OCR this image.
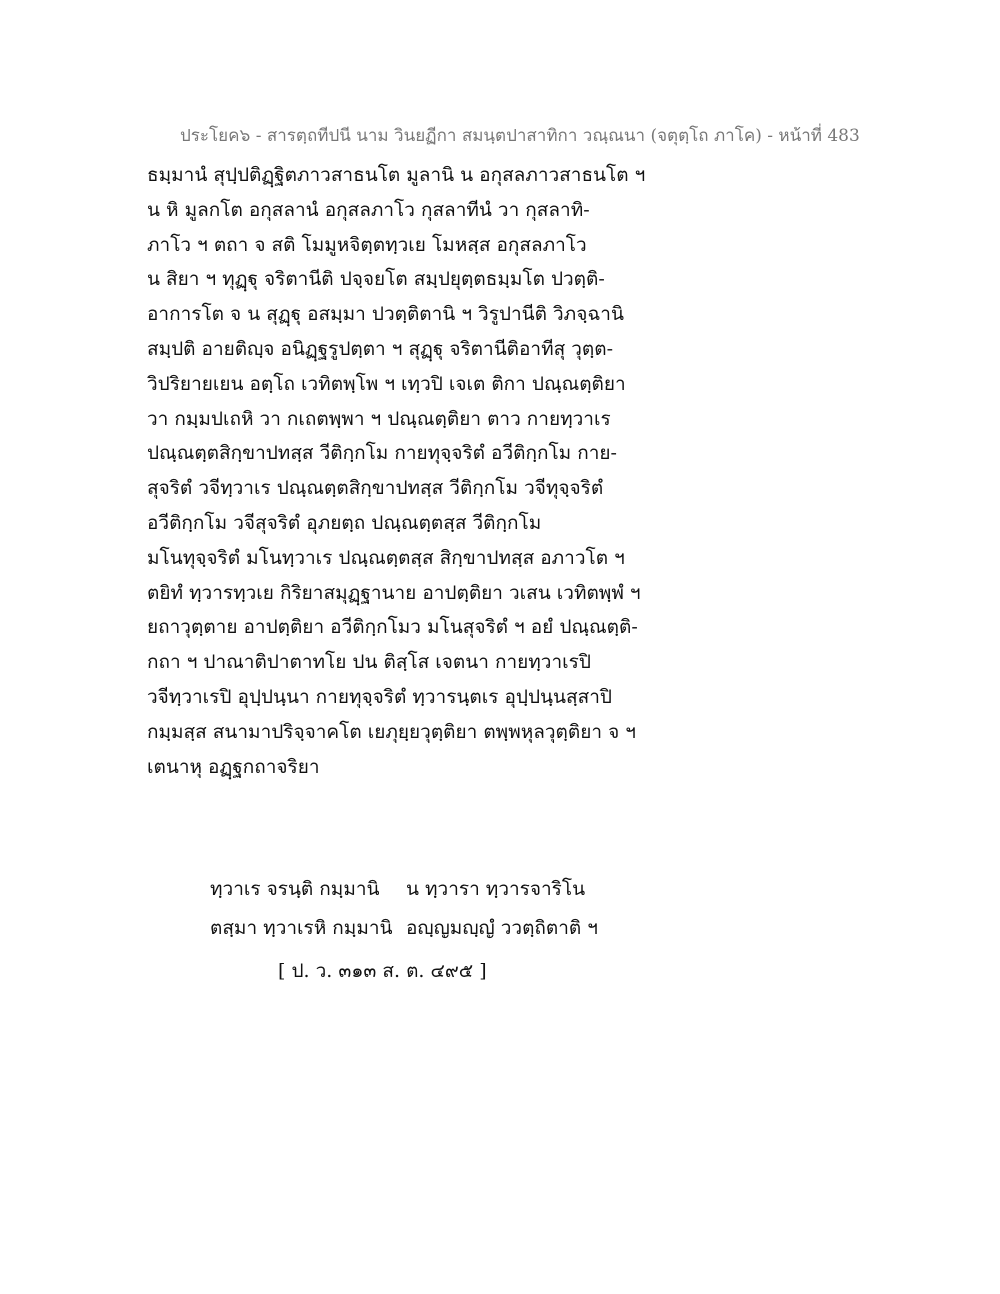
ประโยค๖ - สารตฺถทีปนี นาม วินยฏีกา สมนฺตปาสาทิกา วณฺณนา (จตุตฺโถ ภาโค) - หน้าที่ 483
ธมฺมานํ สุปฺปติฏฺฐิตภาวสาธนโต มูลานิ น อกุสลภาวสาธนโต ฯ
น หิ มูลกโต อกุสลานํ อกุสลภาโว กุสลาทีนํ วา กุสลาทิ-
ภาโว ฯ ตถา จ สติ โมมูหจิตฺตทฺวเย โมหสฺส อกุสลภาโว
น สิยา ฯ ทุฏฺฐุ จริตานีติ ปจฺจยโต สมฺปยุตฺตธมฺมโต ปวตฺติ-
อาการโต จ น สุฏฺฐุ อสมฺมา ปวตฺติตานิ ฯ วิรูปานีติ วิภจฺฉานิ
สมฺปติ อายติญฺจ อนิฏฺฐรูปตฺตา ฯ สุฏฺฐุ จริตานีติอาทีสุ วุตฺต-
วิปริยายเยน อตฺโถ เวทิตพฺโพ ฯ เทฺวปิ เจเต ติกา ปณฺณตฺติยา
วา กมฺมปเถหิ วา กเถตพฺพา ฯ ปณฺณตฺติยา ตาว กายทฺวาเร
ปณฺณตฺตสิกฺขาปทสฺส วีติกฺกโม กายทุจฺจริตํ อวีติกฺกโม กาย-
สุจริตํ วจีทฺวาเร ปณฺณตฺตสิกฺขาปทสฺส วีติกฺกโม วจีทุจฺจริตํ
อวีติกฺกโม วจีสุจริตํ อุภยตฺถ ปณฺณตฺตสฺส วีติกฺกโม
มโนทุจฺจริตํ มโนทฺวาเร ปณฺณตฺตสฺส สิกฺขาปทสฺส อภาวโต ฯ
ตยิทํ ทฺวารทฺวเย กิริยาสมุฏฺฐานาย อาปตฺติยา วเสน เวทิตพฺพํ ฯ
ยถาวุตฺตาย อาปตฺติยา อวีติกฺกโมว มโนสุจริตํ ฯ อยํ ปณฺณตฺติ-
กถา ฯ ปาณาติปาตาทโย ปน ติสฺโส เจตนา กายทฺวาเรปิ
วจีทฺวาเรปิ อุปฺปนฺนา กายทุจฺจริตํ ทฺวารนฺตเร อุปฺปนฺนสฺสาปิ
กมฺมสฺส สนามาปริจฺจาคโต เยภุยฺยวุตฺติยา ตพฺพหุลวุตฺติยา จ ฯ
เตนาหุ อฏฺฐกถาจริยา
ทฺวาเร จรนฺติ กมฺมานิ น ทฺวารา ทฺวารจาริโน
ตสฺมา ทฺวาเรหิ กมฺมานิ อญฺญมญฺญํ ววตฺถิตาติ ฯ
[ ป. ว. ๓๑๓ ส. ต. ๔๙๕ ]
